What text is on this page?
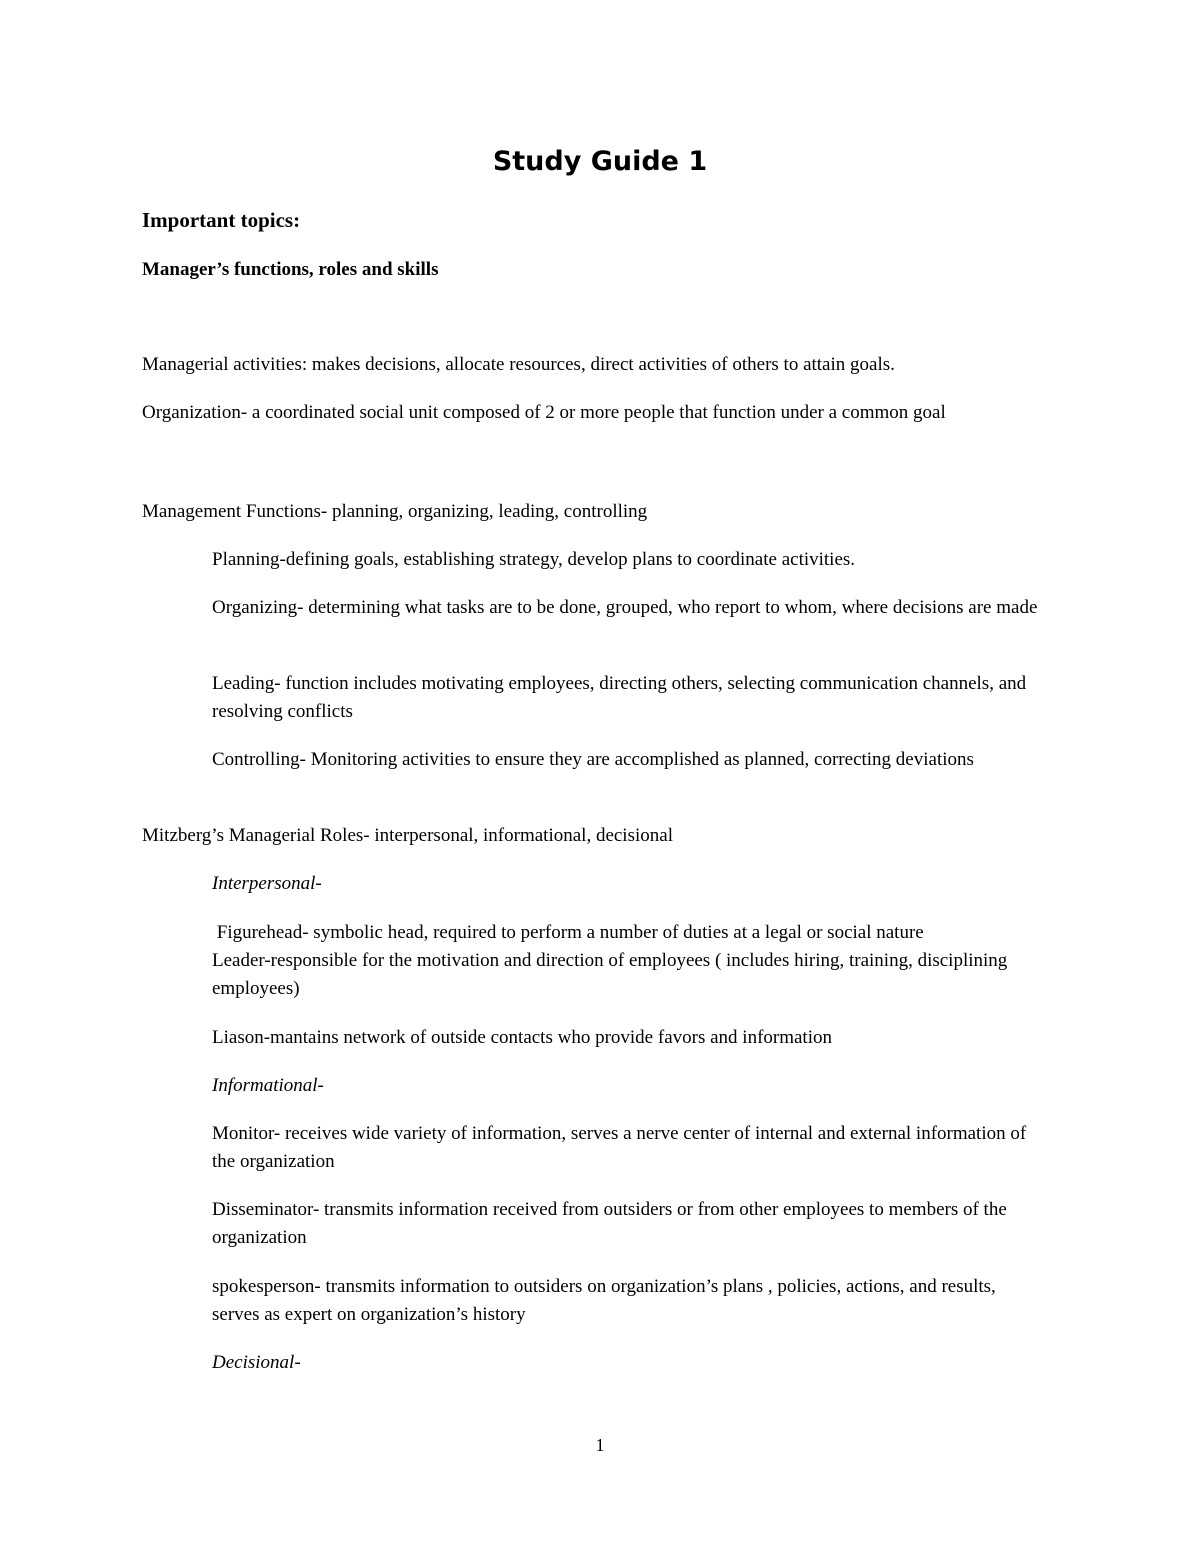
Study Guide 1

Important topics:

Manager’s functions, roles and skills

Managerial activities: makes decisions, allocate resources, direct activities of others to attain goals.

Organization- a coordinated social unit composed of 2 or more people that function under a common goal

Management Functions- planning, organizing, leading, controlling

Planning-defining goals, establishing strategy, develop plans to coordinate activities.

Organizing- determining what tasks are to be done, grouped, who report to whom, where decisions are made

Leading- function includes motivating employees, directing others, selecting communication channels, and resolving conflicts

Controlling- Monitoring activities to ensure they are accomplished as planned, correcting deviations

Mitzberg’s Managerial Roles- interpersonal, informational, decisional

Interpersonal-

Figurehead- symbolic head, required to perform a number of duties at a legal or social nature

Leader-responsible for the motivation and direction of employees ( includes hiring, training, disciplining employees)

Liason-mantains network of outside contacts who provide favors and information

Informational-

Monitor- receives wide variety of information, serves a nerve center of internal and external information of the organization

Disseminator- transmits information received from outsiders or from other employees to members of the organization

spokesperson- transmits information to outsiders on organization’s plans , policies, actions, and results, serves as expert on organization’s history

Decisional-

1
